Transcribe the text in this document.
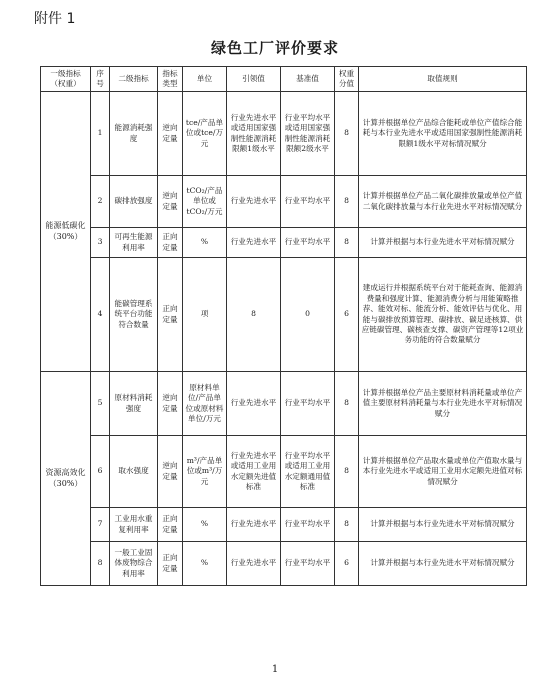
附件 1
绿色工厂评价要求
一级指标（权重）	序号	二级指标	指标类型	单位	引领值	基准值	权重分值	取值规则
能源低碳化（30%）	1	能源消耗强度	逆向定量	tce/产品单位或tce/万元	行业先进水平或适用国家强制性能源消耗限额1级水平	行业平均水平或适用国家强制性能源消耗限额2级水平	8	计算并根据单位产品综合能耗或单位产值综合能耗与本行业先进水平或适用国家强制性能源消耗限额1级水平对标情况赋分
	2	碳排放强度	逆向定量	tCO₂/产品单位或tCO₂/万元	行业先进水平	行业平均水平	8	计算并根据单位产品二氧化碳排放量或单位产值二氧化碳排放量与本行业先进水平对标情况赋分
	3	可再生能源利用率	正向定量	%	行业先进水平	行业平均水平	8	计算并根据与本行业先进水平对标情况赋分
	4	能碳管理系统平台功能符合数量	正向定量	项	8	0	6	建成运行并根据系统平台对于能耗查询、能源消费量和强度计算、能源消费分析与用能策略推荐、能效对标、能流分析、能效评估与优化、用能与碳排放预算管理、碳排放、碳足迹核算、供应链碳管理、碳核查支撑、碳资产管理等12项业务功能的符合数量赋分
资源高效化（30%）	5	原材料消耗强度	逆向定量	原材料单位/产品单位或原材料单位/万元	行业先进水平	行业平均水平	8	计算并根据单位产品主要原材料消耗量或单位产值主要原材料消耗量与本行业先进水平对标情况赋分
	6	取水强度	逆向定量	m³/产品单位或m³/万元	行业先进水平或适用工业用水定额先进值标准	行业平均水平或适用工业用水定额通用值标准	8	计算并根据单位产品取水量或单位产值取水量与本行业先进水平或适用工业用水定额先进值对标情况赋分
	7	工业用水重复利用率	正向定量	%	行业先进水平	行业平均水平	8	计算并根据与本行业先进水平对标情况赋分
	8	一般工业固体废物综合利用率	正向定量	%	行业先进水平	行业平均水平	6	计算并根据与本行业先进水平对标情况赋分
1
